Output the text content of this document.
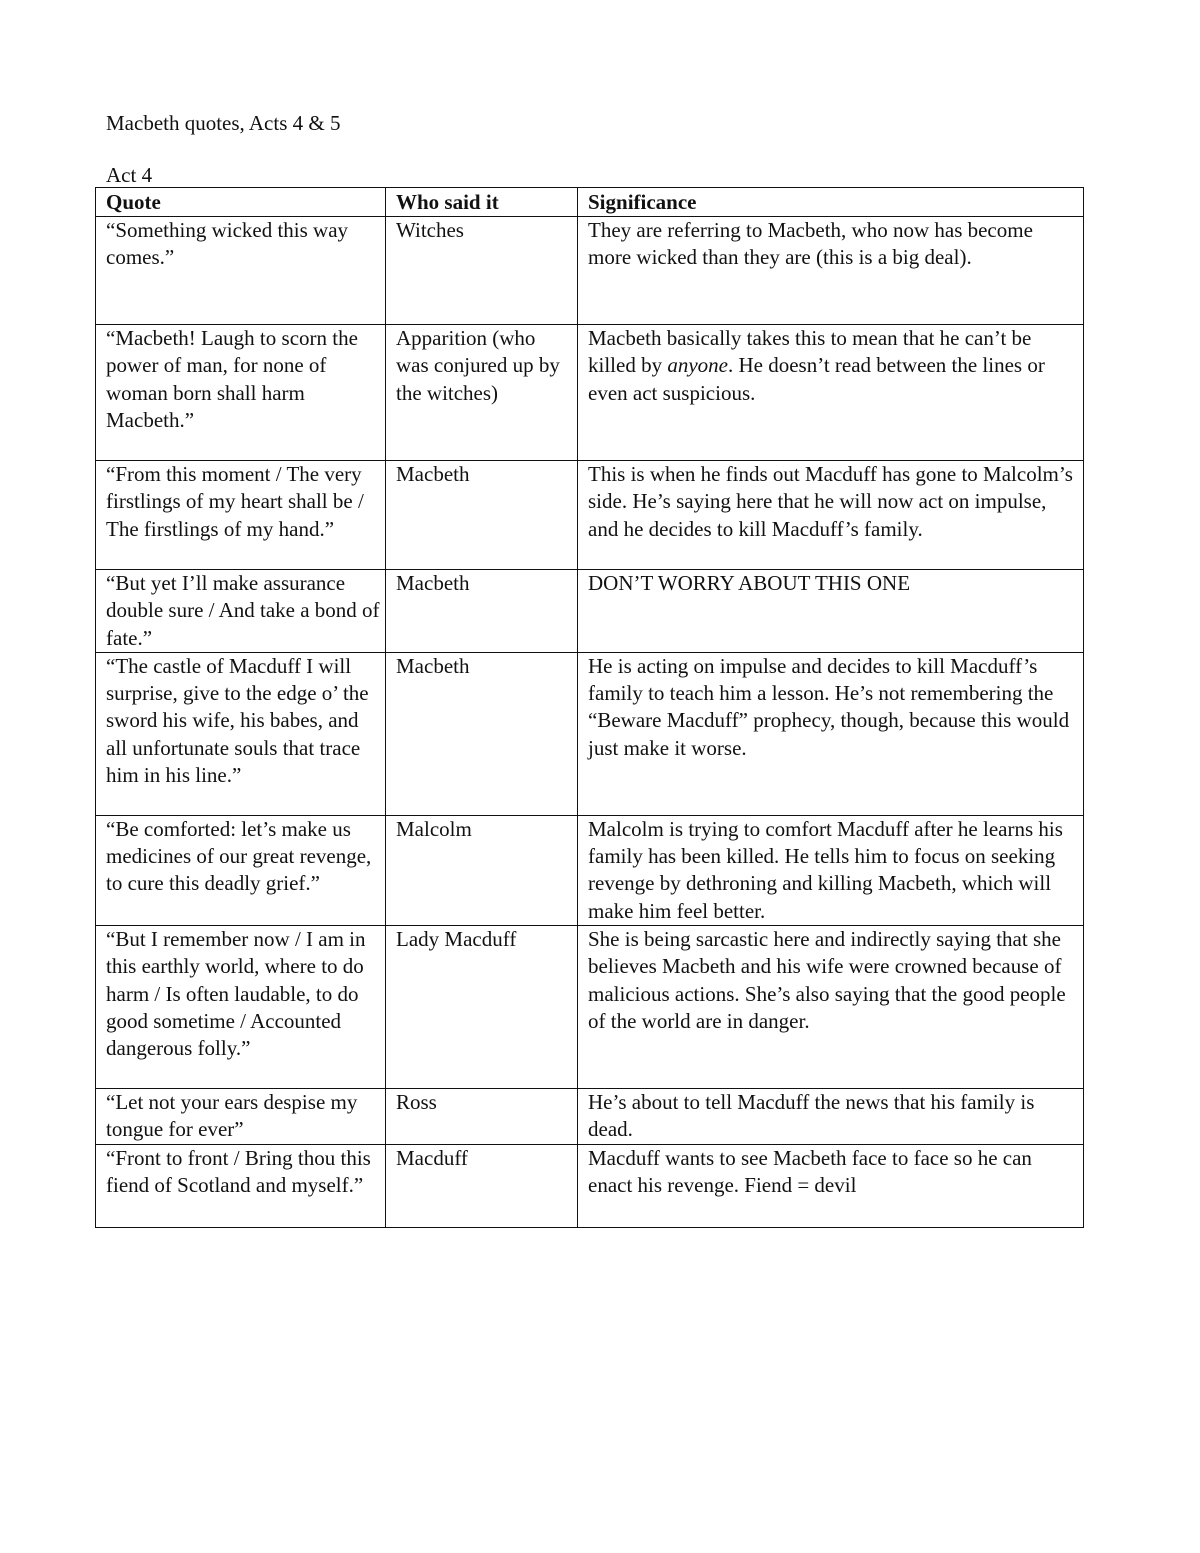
Macbeth quotes, Acts 4 & 5
Act 4
Quote	Who said it	Significance
“Something wicked this way comes.”	Witches	They are referring to Macbeth, who now has become more wicked than they are (this is a big deal).
“Macbeth! Laugh to scorn the power of man, for none of woman born shall harm Macbeth.”	Apparition (who was conjured up by the witches)	Macbeth basically takes this to mean that he can’t be killed by anyone. He doesn’t read between the lines or even act suspicious.
“From this moment / The very firstlings of my heart shall be / The firstlings of my hand.”	Macbeth	This is when he finds out Macduff has gone to Malcolm’s side. He’s saying here that he will now act on impulse, and he decides to kill Macduff’s family.
“But yet I’ll make assurance double sure / And take a bond of fate.”	Macbeth	DON’T WORRY ABOUT THIS ONE
“The castle of Macduff I will surprise, give to the edge o’ the sword his wife, his babes, and all unfortunate souls that trace him in his line.”	Macbeth	He is acting on impulse and decides to kill Macduff’s family to teach him a lesson. He’s not remembering the “Beware Macduff” prophecy, though, because this would just make it worse.
“Be comforted: let’s make us medicines of our great revenge, to cure this deadly grief.”	Malcolm	Malcolm is trying to comfort Macduff after he learns his family has been killed. He tells him to focus on seeking revenge by dethroning and killing Macbeth, which will make him feel better.
“But I remember now / I am in this earthly world, where to do harm / Is often laudable, to do good sometime / Accounted dangerous folly.”	Lady Macduff	She is being sarcastic here and indirectly saying that she believes Macbeth and his wife were crowned because of malicious actions. She’s also saying that the good people of the world are in danger.
“Let not your ears despise my tongue for ever”	Ross	He’s about to tell Macduff the news that his family is dead.
“Front to front / Bring thou this fiend of Scotland and myself.”	Macduff	Macduff wants to see Macbeth face to face so he can enact his revenge. Fiend = devil
